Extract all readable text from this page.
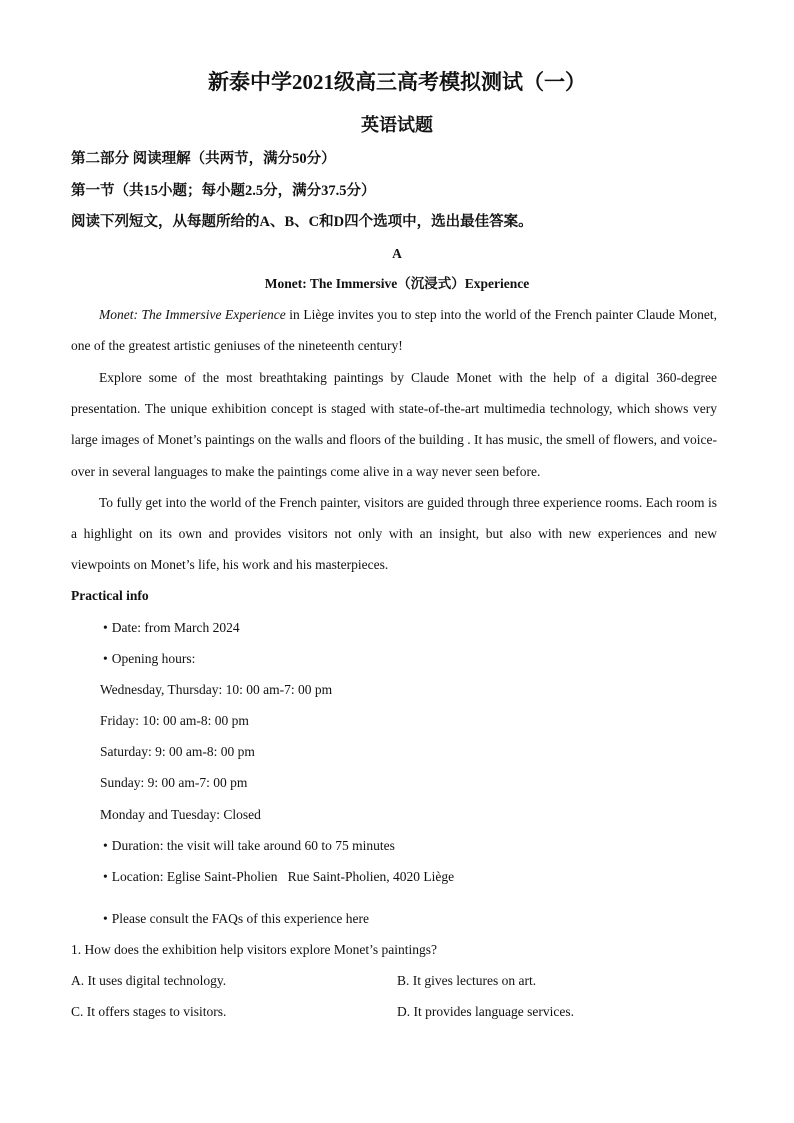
新泰中学2021级高三高考模拟测试（一）
英语试题
第二部分 阅读理解（共两节，满分50分）
第一节（共15小题；每小题2.5分，满分37.5分）
阅读下列短文，从每题所给的A、B、C和D四个选项中，选出最佳答案。
A
Monet: The Immersive（沉浸式）Experience
Monet: The Immersive Experience in Liège invites you to step into the world of the French painter Claude Monet, one of the greatest artistic geniuses of the nineteenth century!
Explore some of the most breathtaking paintings by Claude Monet with the help of a digital 360-degree presentation. The unique exhibition concept is staged with state-of-the-art multimedia technology, which shows very large images of Monet’s paintings on the walls and floors of the building . It has music, the smell of flowers, and voice-over in several languages to make the paintings come alive in a way never seen before.
To fully get into the world of the French painter, visitors are guided through three experience rooms. Each room is a highlight on its own and provides visitors not only with an insight, but also with new experiences and new viewpoints on Monet’s life, his work and his masterpieces.
Practical info
• Date: from March 2024
• Opening hours:
Wednesday, Thursday: 10: 00 am-7: 00 pm
Friday: 10: 00 am-8: 00 pm
Saturday: 9: 00 am-8: 00 pm
Sunday: 9: 00 am-7: 00 pm
Monday and Tuesday: Closed
• Duration: the visit will take around 60 to 75 minutes
• Location: Eglise Saint-Pholien   Rue Saint-Pholien, 4020 Liège
• Please consult the FAQs of this experience here
1. How does the exhibition help visitors explore Monet’s paintings?
A. It uses digital technology.	B. It gives lectures on art.
C. It offers stages to visitors.	D. It provides language services.
